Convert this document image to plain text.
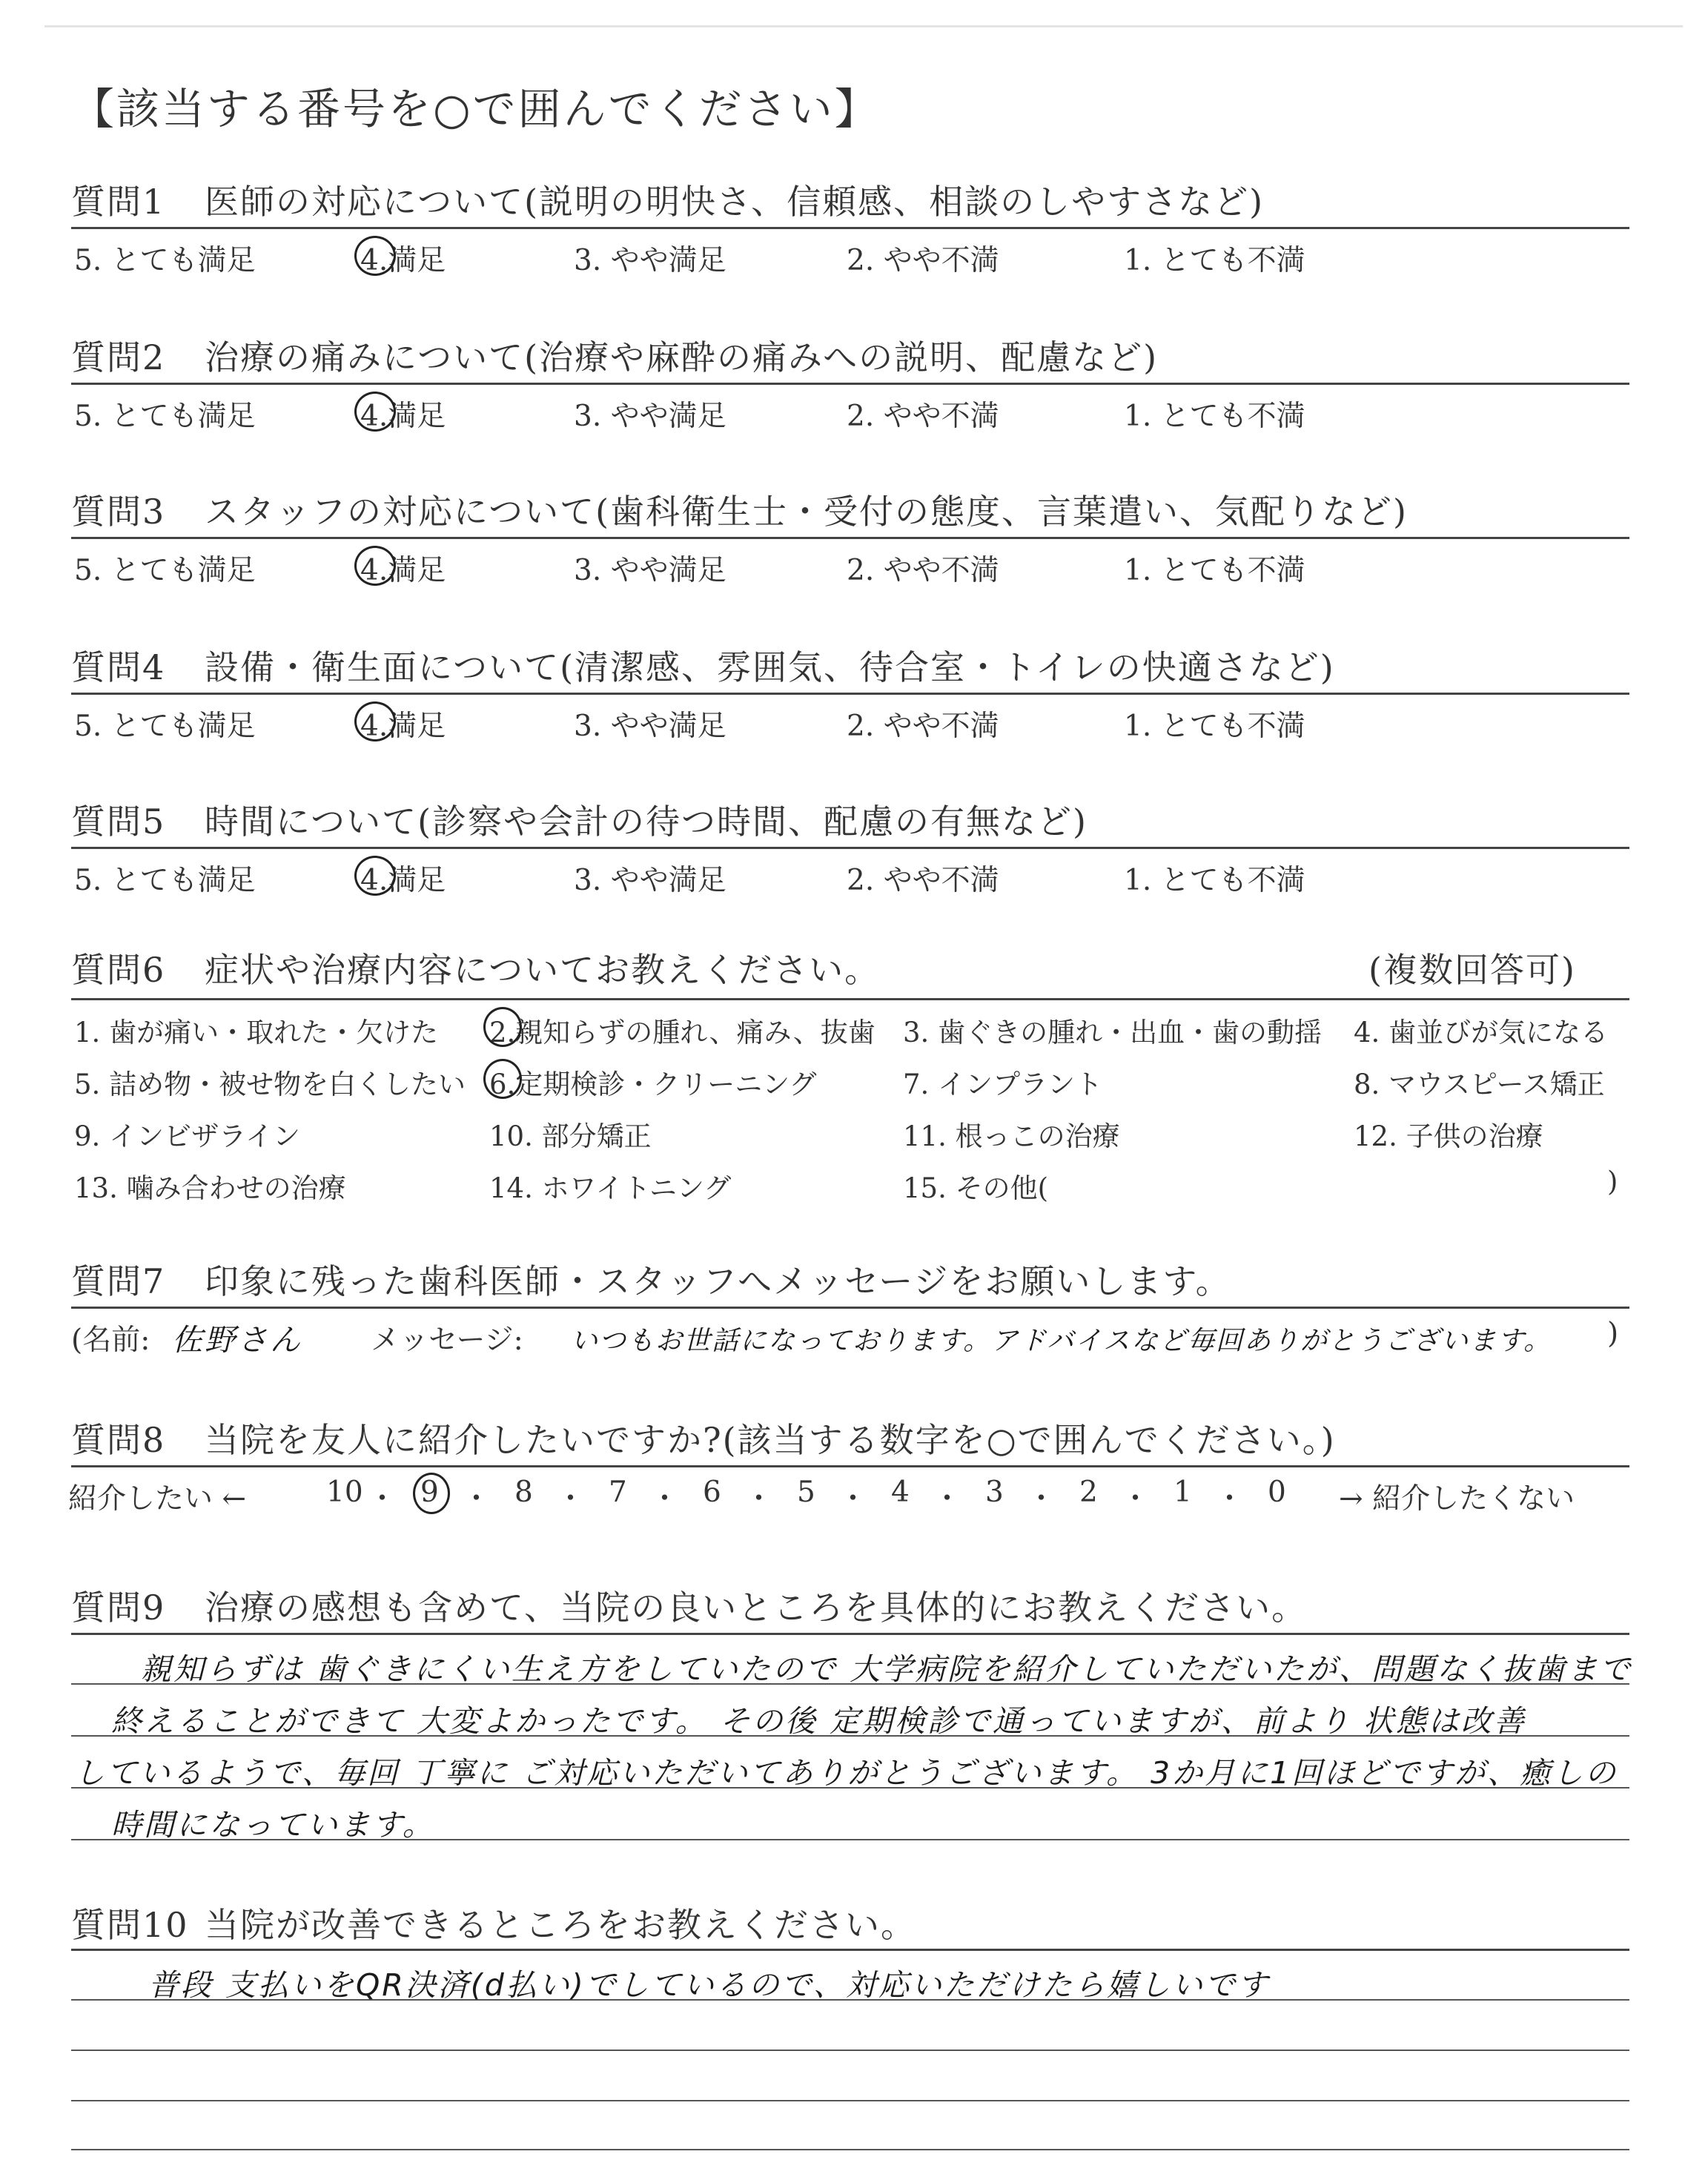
【該当する番号を○で囲んでください】
質問1 医師の対応について(説明の明快さ、信頼感、相談のしやすさなど)
5. とても満足	4.満足	3. やや満足	2. やや不満	1. とても不満
質問2 治療の痛みについて(治療や麻酔の痛みへの説明、配慮など)
5. とても満足	4.満足	3. やや満足	2. やや不満	1. とても不満
質問3 スタッフの対応について(歯科衛生士・受付の態度、言葉遣い、気配りなど)
5. とても満足	4.満足	3. やや満足	2. やや不満	1. とても不満
質問4 設備・衛生面について(清潔感、雰囲気、待合室・トイレの快適さなど)
5. とても満足	4.満足	3. やや満足	2. やや不満	1. とても不満
質問5 時間について(診察や会計の待つ時間、配慮の有無など)
5. とても満足	4.満足	3. やや満足	2. やや不満	1. とても不満
質問6 症状や治療内容についてお教えください。	(複数回答可)
1. 歯が痛い・取れた・欠けた 2.親知らずの腫れ、痛み、抜歯 3. 歯ぐきの腫れ・出血・歯の動揺 4. 歯並びが気になる
5. 詰め物・被せ物を白くしたい 6.定期検診・クリーニング	7. インプラント	8. マウスピース矯正
9. インビザライン	10. 部分矯正	11. 根っこの治療	12. 子供の治療
13. 噛み合わせの治療	14. ホワイトニング	15. その他(	)
質問7 印象に残った歯科医師・スタッフへメッセージをお願いします。
(名前: 佐野さん メッセージ: いつもお世話になっております。アドバイスなど毎回ありがとうございます。 )
質問8 当院を友人に紹介したいですか?(該当する数字を○で囲んでください。)
紹介したい ←	10 ・ 9 ・ 8 ・ 7 ・ 6 ・ 5 ・ 4 ・ 3 ・ 2 ・ 1 ・ 0 → 紹介したくない
質問9 治療の感想も含めて、当院の良いところを具体的にお教えください。
親知らずは 歯ぐきにくい生え方をしていたので 大学病院を紹介していただいたが、問題なく抜歯まで
終えることができて 大変よかったです。 その後 定期検診で通っていますが、前より 状態は改善
しているようで、毎回 丁寧に ご対応いただいてありがとうございます。 3か月に1回ほどですが、癒しの
時間になっています。
質問10 当院が改善できるところをお教えください。
普段 支払いをQR決済(d払い)でしているので、対応いただけたら嬉しいです
